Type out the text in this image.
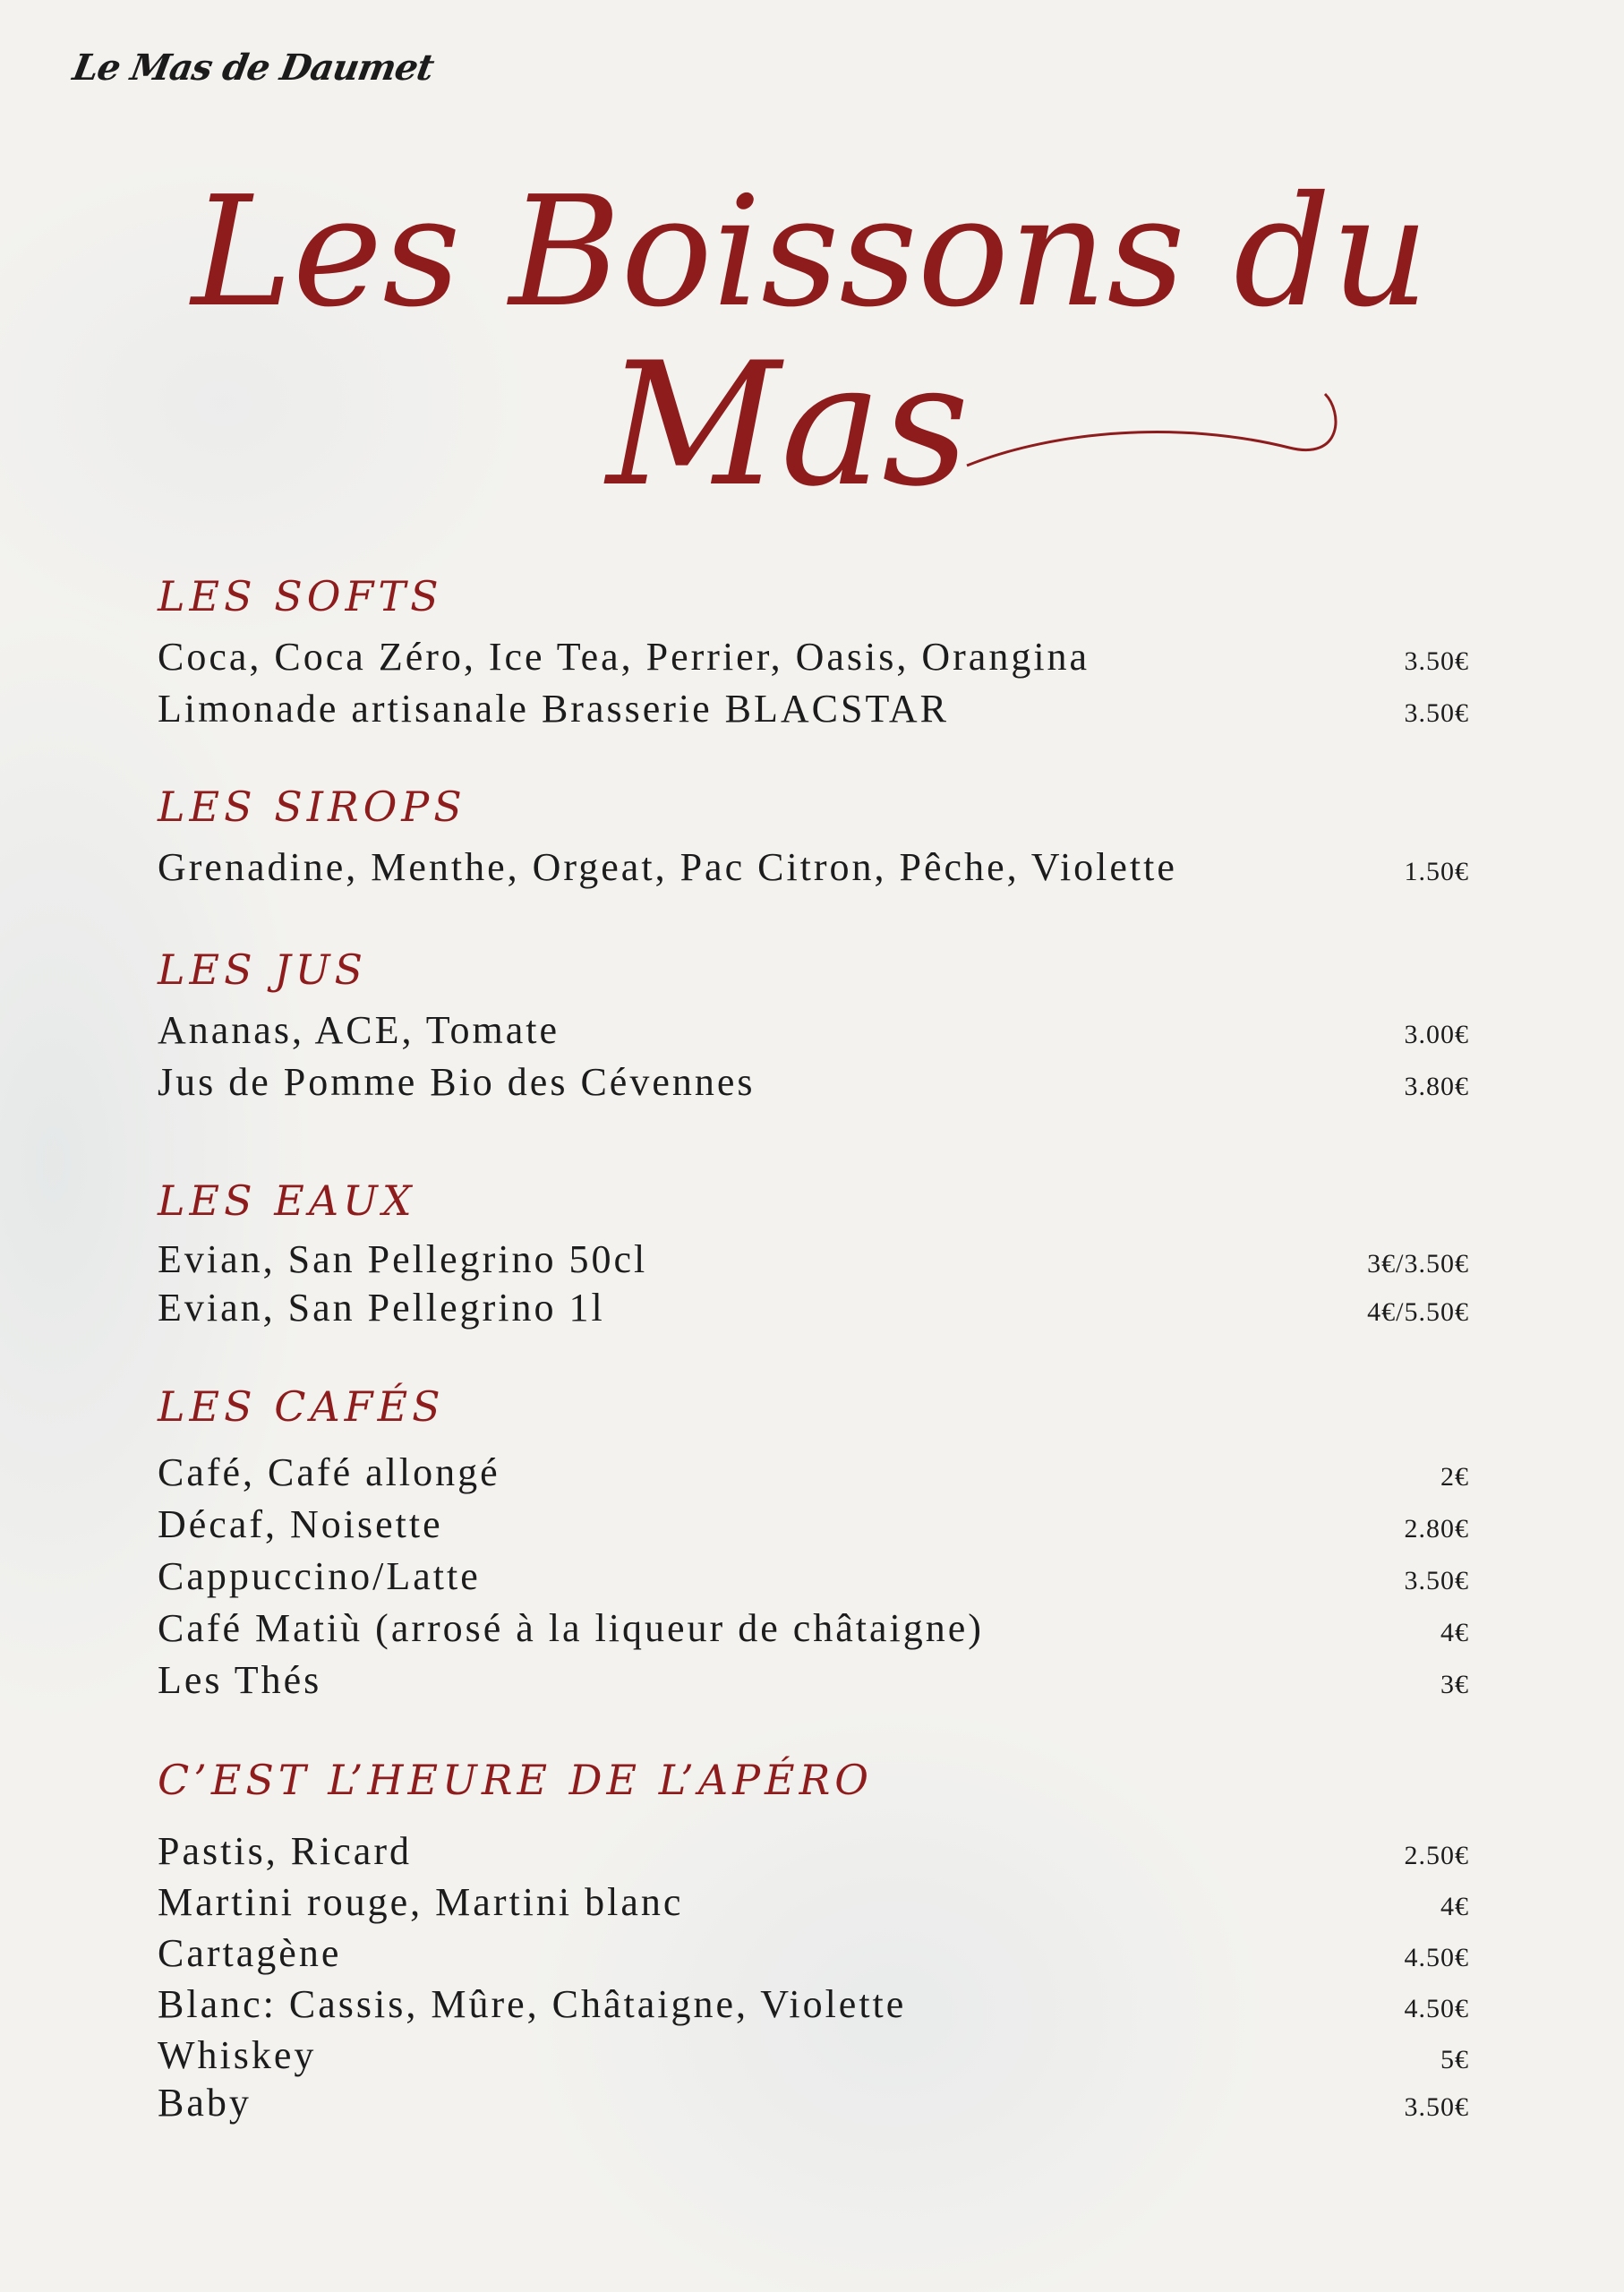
Le Mas de Daumet
Les Boissons du
Mas
LES SOFTS
Coca, Coca Zéro, Ice Tea, Perrier, Oasis, Orangina	3.50€
Limonade artisanale Brasserie BLACSTAR	3.50€
LES SIROPS
Grenadine, Menthe, Orgeat, Pac Citron, Pêche, Violette	1.50€
LES JUS
Ananas, ACE, Tomate	3.00€
Jus de Pomme Bio des Cévennes	3.80€
LES EAUX
Evian, San Pellegrino 50cl	3€/3.50€
Evian, San Pellegrino 1l	4€/5.50€
LES CAFÉS
Café, Café allongé	2€
Décaf, Noisette	2.80€
Cappuccino/Latte	3.50€
Café Matiù (arrosé à la liqueur de châtaigne)	4€
Les Thés	3€
C’EST L’HEURE DE L’APÉRO
Pastis, Ricard	2.50€
Martini rouge, Martini blanc	4€
Cartagène	4.50€
Blanc: Cassis, Mûre, Châtaigne, Violette	4.50€
Whiskey	5€
Baby	3.50€
